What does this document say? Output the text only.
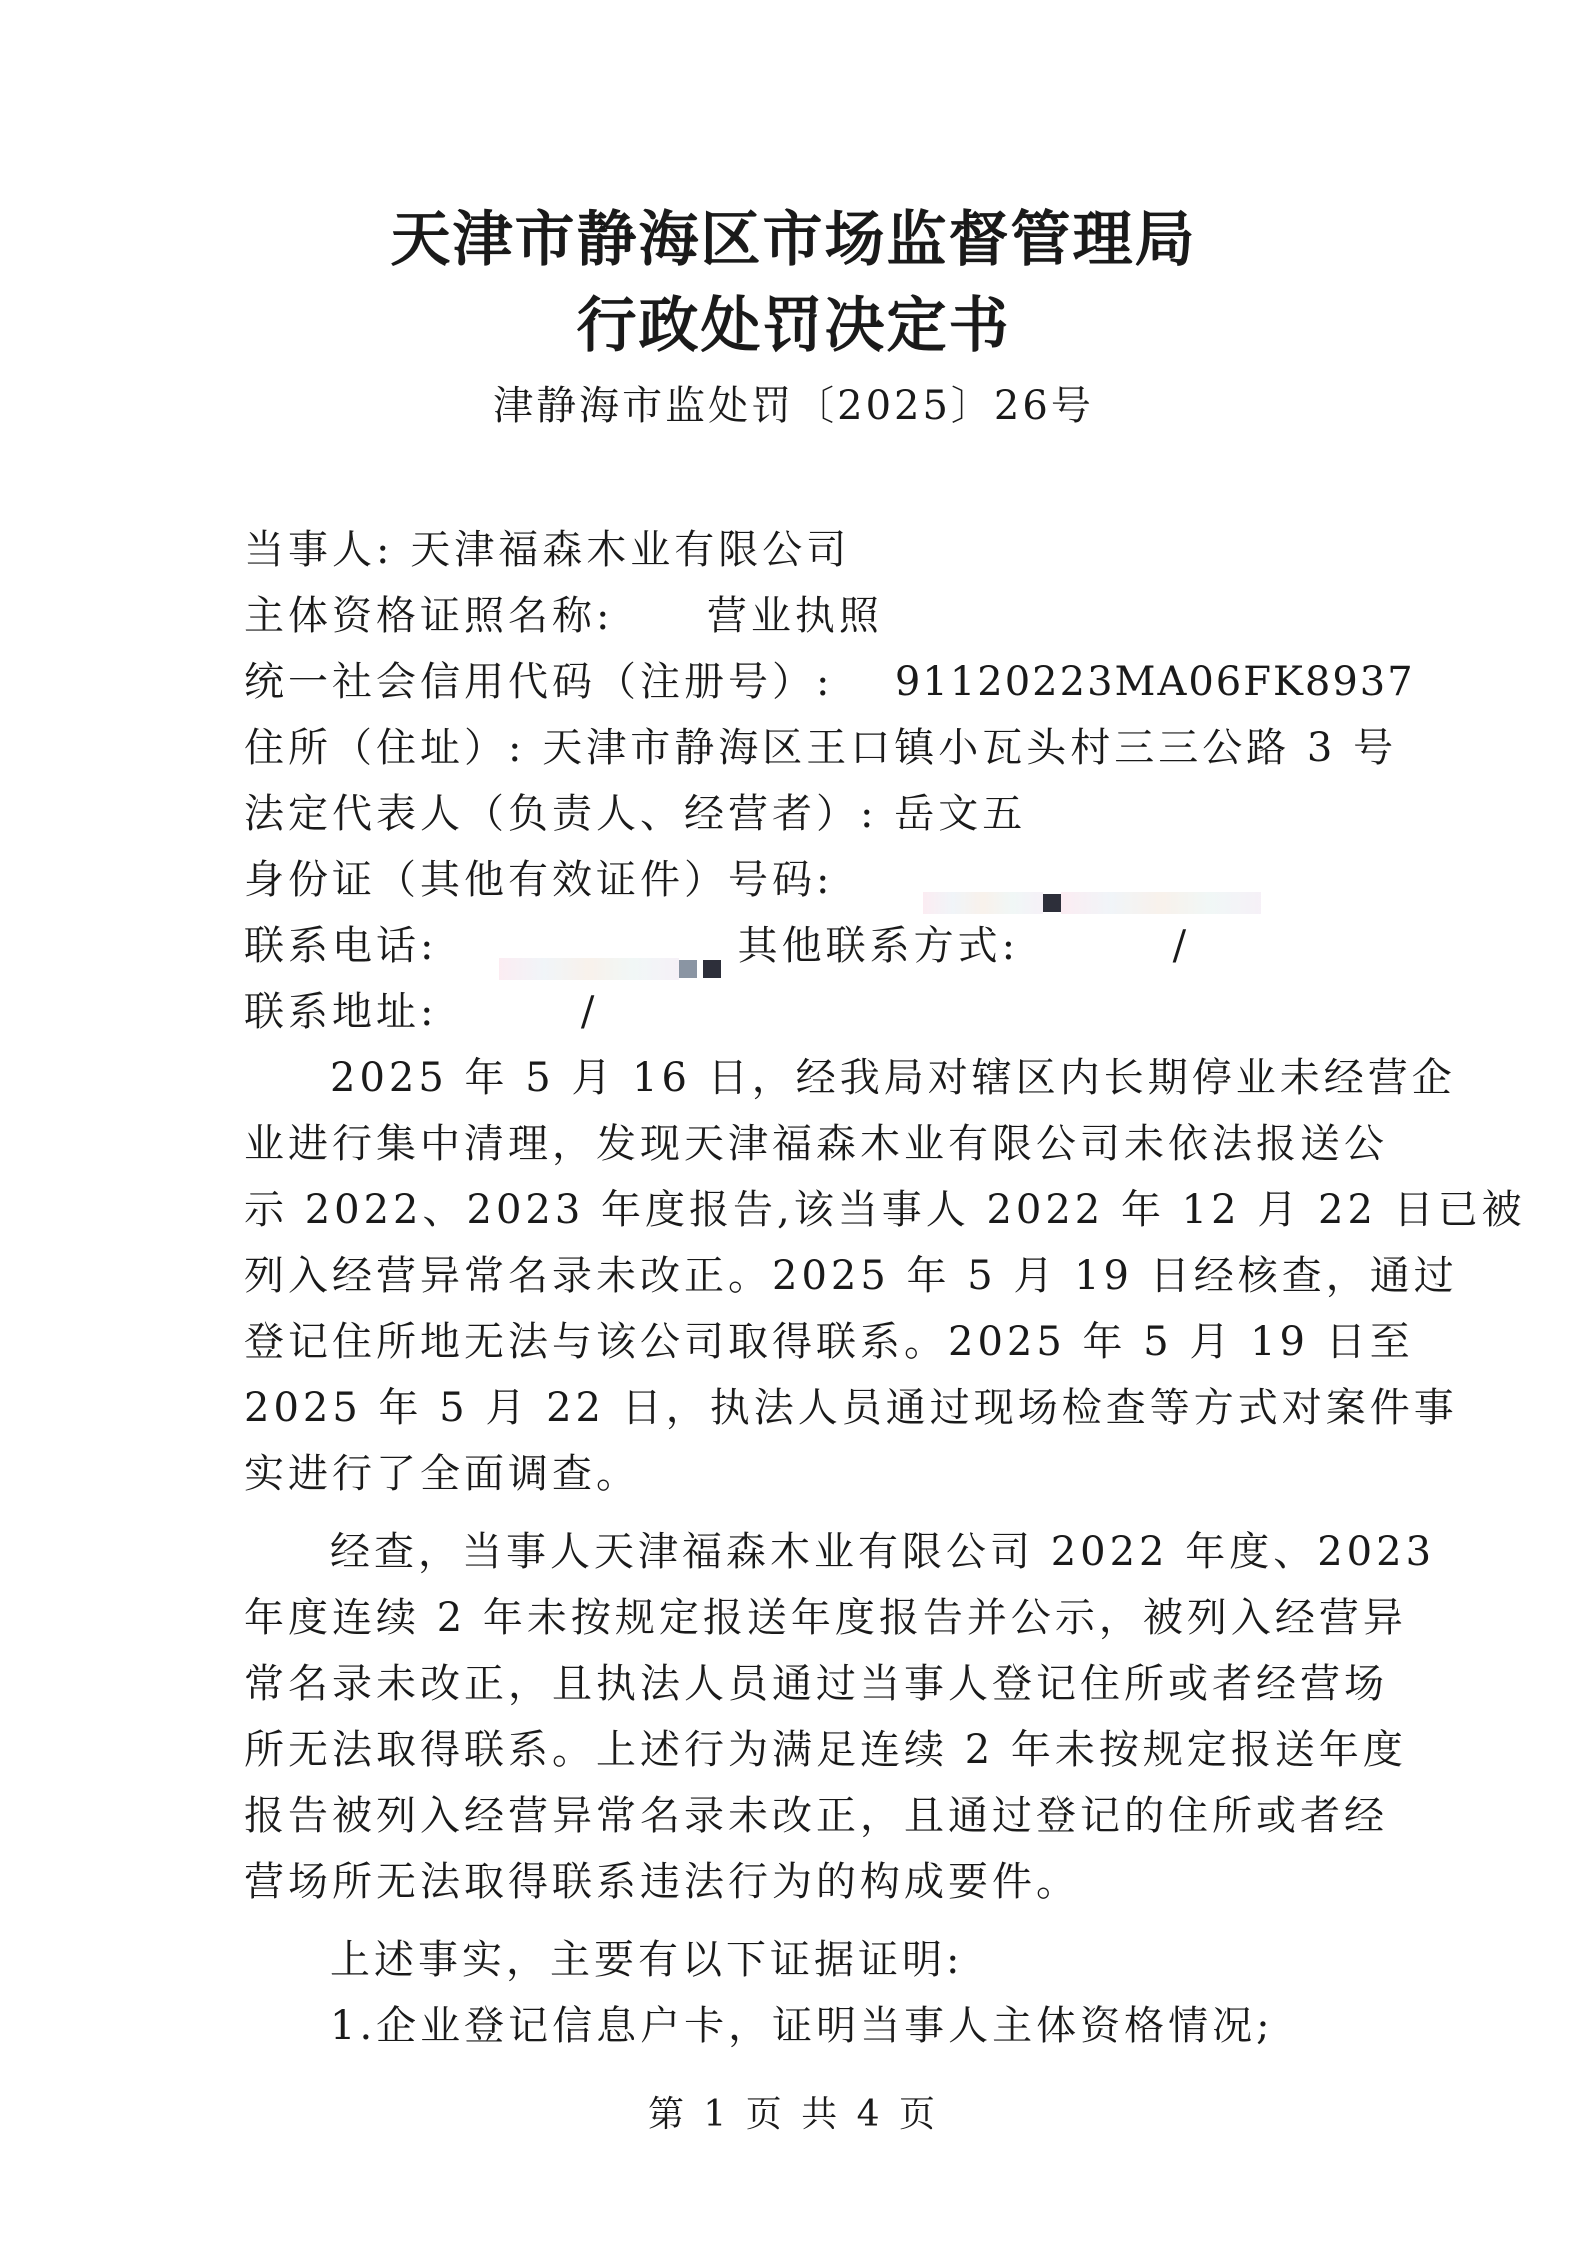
天津市静海区市场监督管理局
行政处罚决定书
津静海市监处罚〔2025〕26号
当事人: 天津福森木业有限公司
主体资格证照名称: 营业执照
统一社会信用代码（注册号）: 91120223MA06FK8937
住所（住址）: 天津市静海区王口镇小瓦头村三三公路 3 号
法定代表人（负责人、经营者）: 岳文五
身份证（其他有效证件）号码:
联系电话:	其他联系方式:	/
联系地址:	/
2025 年 5 月 16 日，经我局对辖区内长期停业未经营企
业进行集中清理，发现天津福森木业有限公司未依法报送公
示 2022、2023 年度报告,该当事人 2022 年 12 月 22 日已被
列入经营异常名录未改正。2025 年 5 月 19 日经核查，通过
登记住所地无法与该公司取得联系。2025 年 5 月 19 日至
2025 年 5 月 22 日，执法人员通过现场检查等方式对案件事
实进行了全面调查。
经查，当事人天津福森木业有限公司 2022 年度、2023
年度连续 2 年未按规定报送年度报告并公示，被列入经营异
常名录未改正，且执法人员通过当事人登记住所或者经营场
所无法取得联系。上述行为满足连续 2 年未按规定报送年度
报告被列入经营异常名录未改正，且通过登记的住所或者经
营场所无法取得联系违法行为的构成要件。
上述事实，主要有以下证据证明:
1.企业登记信息户卡，证明当事人主体资格情况;
第 1 页 共 4 页
